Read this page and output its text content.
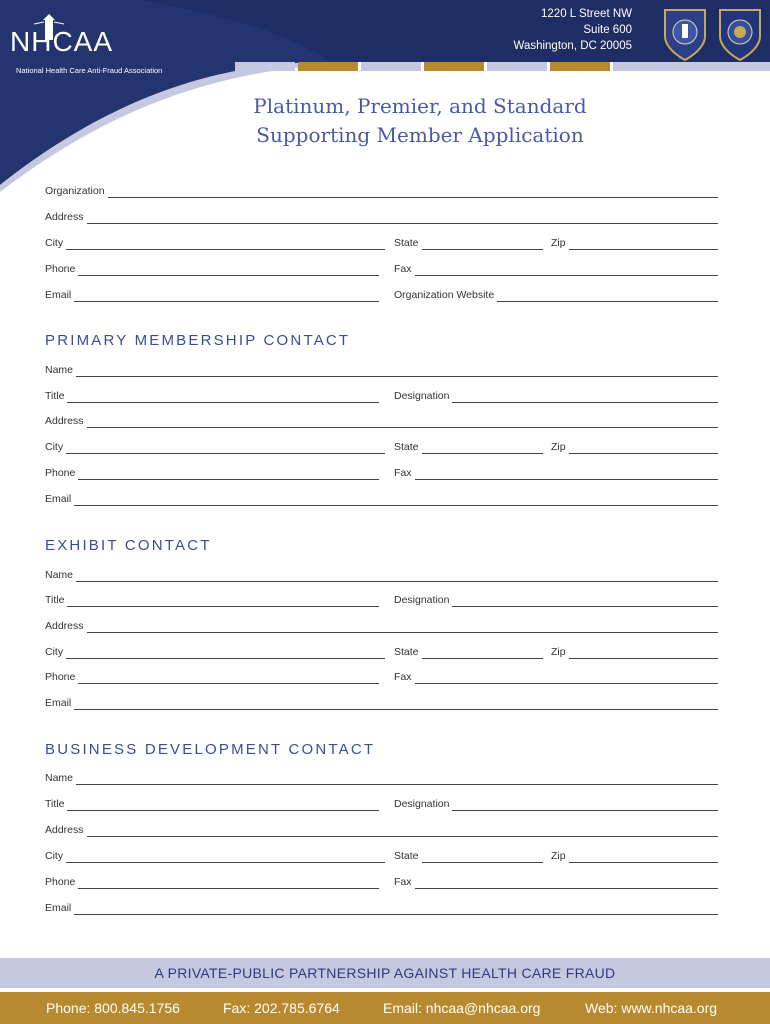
NHCAA
National Health Care Anti-Fraud Association
1220 L Street NW
Suite 600
Washington, DC 20005
Platinum, Premier, and Standard
Supporting Member Application
Organization
Address
City	State	Zip
Phone	Fax
Email	Organization Website
PRIMARY MEMBERSHIP CONTACT
Name
Title	Designation
Address
City	State	Zip
Phone	Fax
Email
EXHIBIT CONTACT
Name
Title	Designation
Address
City	State	Zip
Phone	Fax
Email
BUSINESS DEVELOPMENT CONTACT
Name
Title	Designation
Address
City	State	Zip
Phone	Fax
Email
A PRIVATE-PUBLIC PARTNERSHIP AGAINST HEALTH CARE FRAUD
Phone: 800.845.1756	Fax: 202.785.6764	Email: nhcaa@nhcaa.org	Web: www.nhcaa.org
